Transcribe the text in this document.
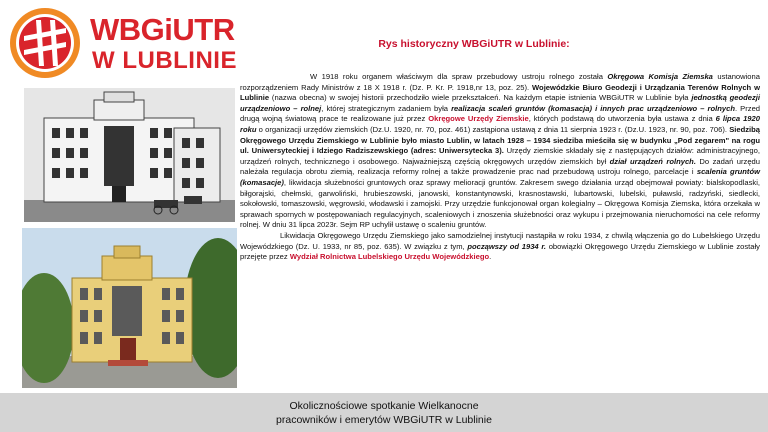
WBGiUTR
W LUBLINIE
Rys historyczny WBGiUTR w Lublinie:

W 1918 roku organem właściwym dla spraw przebudowy ustroju rolnego została Okręgowa Komisja Ziemska ustanowiona rozporządzeniem Rady Ministrów z 18 X 1918 r. (Dz. P. Kr. P. 1918,nr 13, poz. 25). Wojewódzkie Biuro Geodezji i Urządzania Terenów Rolnych w Lublinie (nazwa obecna) w swojej historii przechodziło wiele przekształceń. Na każdym etapie istnienia WBGiUTR w Lublinie była jednostką geodezji urządzeniowo – rolnej, której strategicznym zadaniem była realizacja scaleń gruntów (komasacja) i innych prac urządzeniowo – rolnych. Przed drugą wojną światową prace te realizowane już przez Okręgowe Urzędy Ziemskie, których podstawą do utworzenia była ustawa z dnia 6 lipca 1920 roku o organizacji urzędów ziemskich (Dz.U. 1920, nr. 70, poz. 461) zastąpiona ustawą z dnia 11 sierpnia 1923 r. (Dz.U. 1923, nr. 90, poz. 706). Siedzibą Okręgowego Urzędu Ziemskiego w Lublinie było miasto Lublin, w latach 1928 – 1934 siedziba mieściła się w budynku „Pod zegarem" na rogu ul. Uniwersyteckiej i Idziego Radziszewskiego (adres: Uniwersytecka 3). Urzędy ziemskie składały się z następujących działów: administracyjnego, urządzeń rolnych, technicznego i osobowego. Najważniejszą częścią okręgowych urzędów ziemskich był dział urządzeń rolnych. Do zadań urzędu należała regulacja obrotu ziemią, realizacja reformy rolnej a także prowadzenie prac nad przebudową ustroju rolnego, parcelacje i scalenia gruntów (komasacje), likwidacja służebności gruntowych oraz sprawy melioracji gruntów. Zakresem swego działania urząd obejmował powiaty: bialskopodlaski, biłgorajski, chełmski, garwoliński, hrubieszowski, janowski, konstantynowski, krasnostawski, lubartowski, lubelski, puławski, radzyński, siedlecki, sokołowski, tomaszowski, węgrowski, włodawski i zamojski. Przy urzędzie funkcjonował organ kolegialny – Okręgowa Komisja Ziemska, która orzekała w sprawach spornych w postępowaniach regulacyjnych, scaleniowych i znoszenia służebności oraz wykupu i przejmowania nieruchomości na cele reformy rolnej. W dniu 31 lipca 2023r. Sejm RP uchylił ustawę o scaleniu gruntów.

Likwidacja Okręgowego Urzędu Ziemskiego jako samodzielnej instytucji nastąpiła w roku 1934, z chwilą włączenia go do Lubelskiego Urzędu Wojewódzkiego (Dz. U. 1933, nr 85, poz. 635). W związku z tym, począwszy od 1934 r. obowiązki Okręgowego Urzędu Ziemskiego w Lublinie zostały przejęte przez Wydział Rolnictwa Lubelskiego Urzędu Wojewódzkiego.

Okolicznościowe spotkanie Wielkanocne
pracowników i emerytów WBGiUTR w Lublinie
